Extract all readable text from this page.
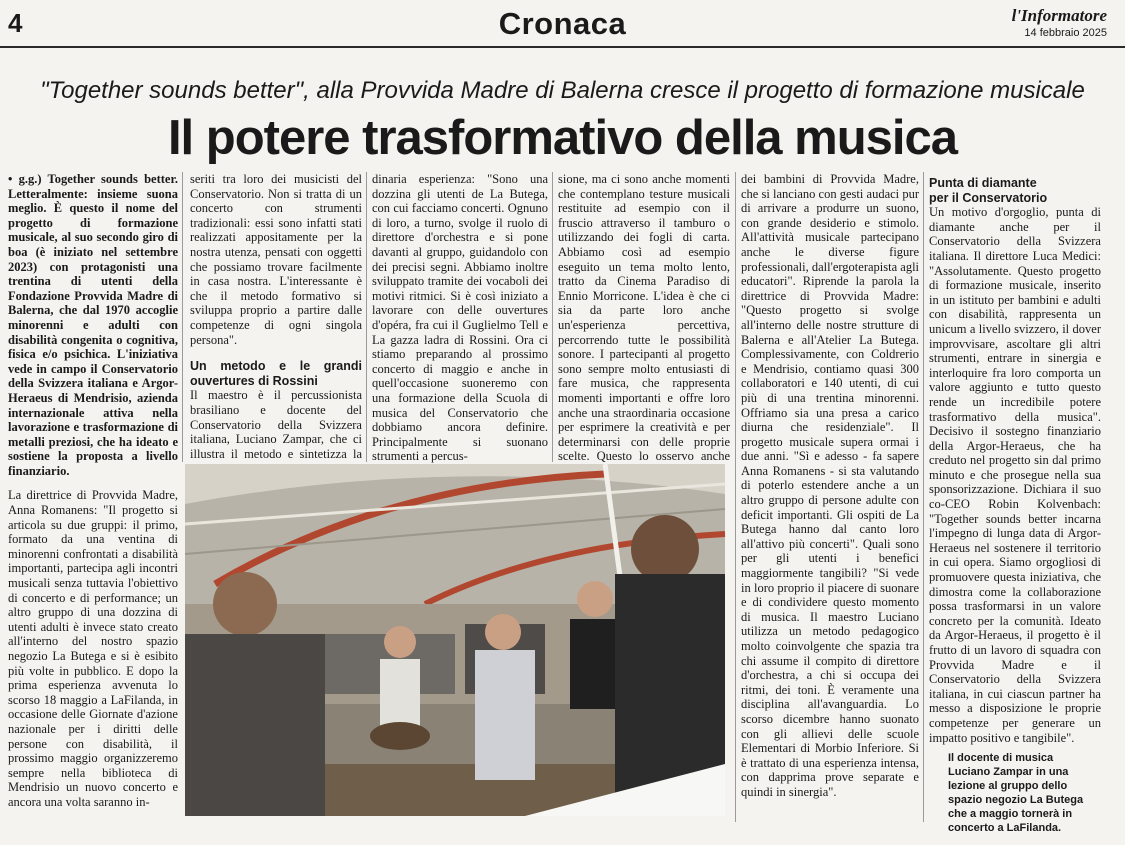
4	Cronaca	l'Informatore
14 febbraio 2025
"Together sounds better", alla Provvida Madre di Balerna cresce il progetto di formazione musicale
Il potere trasformativo della musica

• g.g.) Together sounds better. Letteralmente: insieme suona meglio. È questo il nome del progetto di formazione musicale, al suo secondo giro di boa (è iniziato nel settembre 2023) con protagonisti una trentina di utenti della Fondazione Provvida Madre di Balerna, che dal 1970 accoglie minorenni e adulti con disabilità congenita o cognitiva, fisica e/o psichica. L'iniziativa vede in campo il Conservatorio della Svizzera italiana e Argor-Heraeus di Mendrisio, azienda internazionale attiva nella lavorazione e trasformazione di metalli preziosi, che ha ideato e sostiene la proposta a livello finanziario.

La direttrice di Provvida Madre, Anna Romanens: "Il progetto si articola su due gruppi: il primo, formato da una ventina di minorenni confrontati a disabilità importanti, partecipa agli incontri musicali senza tuttavia l'obiettivo di concerto e di performance; un altro gruppo di una dozzina di utenti adulti è invece stato creato all'interno del nostro spazio negozio La Butega e si è esibito più volte in pubblico. E dopo la prima esperienza avvenuta lo scorso 18 maggio a LaFilanda, in occasione delle Giornate d'azione nazionale per i diritti delle persone con disabilità, il prossimo maggio organizzeremo sempre nella biblioteca di Mendrisio un nuovo concerto e ancora una volta saranno in-

seriti tra loro dei musicisti del Conservatorio. Non si tratta di un concerto con strumenti tradizionali: essi sono infatti stati realizzati appositamente per la nostra utenza, pensati con oggetti che possiamo trovare facilmente in casa nostra. L'interessante è che il metodo formativo si sviluppa proprio a partire dalle competenze di ogni singola persona".

Un metodo e le grandi ouvertures di Rossini

Il maestro è il percussionista brasiliano e docente del Conservatorio della Svizzera italiana, Luciano Zampar, che ci illustra il metodo e sintetizza la

dinaria esperienza: "Sono una dozzina gli utenti de La Butega, con cui facciamo concerti. Ognuno di loro, a turno, svolge il ruolo di direttore d'orchestra e si pone davanti al gruppo, guidandolo con dei precisi segni. Abbiamo inoltre sviluppato tramite dei vocaboli dei motivi ritmici. Si è così iniziato a lavorare con delle ouvertures d'opéra, fra cui il Guglielmo Tell e La gazza ladra di Rossini. Ora ci stiamo preparando al prossimo concerto di maggio e anche in quell'occasione suoneremo con una formazione della Scuola di musica del Conservatorio che dobbiamo ancora definire. Principalmente si suonano strumenti a percus-

sione, ma ci sono anche momenti che contemplano testure musicali restituite ad esempio con il fruscio attraverso il tamburo o utilizzando dei fogli di carta. Abbiamo così ad esempio eseguito un tema molto lento, tratto da Cinema Paradiso di Ennio Morricone. L'idea è che ci sia da parte loro anche un'esperienza percettiva, percorrendo tutte le possibilità sonore. I partecipanti al progetto sono sempre molto entusiasti di fare musica, che rappresenta momenti importanti e offre loro anche una straordinaria occasione per esprimere la creatività e per determinarsi con delle proprie scelte. Questo lo osservo anche

dei bambini di Provvida Madre, che si lanciano con gesti audaci pur di arrivare a produrre un suono, con grande desiderio e stimolo. All'attività musicale partecipano anche le diverse figure professionali, dall'ergoterapista agli educatori". Riprende la parola la direttrice di Provvida Madre: "Questo progetto si svolge all'interno delle nostre strutture di Balerna e all'Atelier La Butega. Complessivamente, con Coldrerio e Mendrisio, contiamo quasi 300 collaboratori e 140 utenti, di cui più di una trentina minorenni. Offriamo sia una presa a carico diurna che residenziale". Il progetto musicale supera ormai i due anni. "Sì e adesso - fa sapere Anna Romanens - si sta valutando di poterlo estendere anche a un altro gruppo di persone adulte con deficit importanti. Gli ospiti de La Butega hanno dal canto loro all'attivo più concerti". Quali sono per gli utenti i benefici maggiormente tangibili? "Si vede in loro proprio il piacere di suonare e di condividere questo momento di musica. Il maestro Luciano utilizza un metodo pedagogico molto coinvolgente che spazia tra chi assume il compito di direttore d'orchestra, a chi si occupa dei ritmi, dei toni. È veramente una disciplina all'avanguardia. Lo scorso dicembre hanno suonato con gli allievi delle scuole Elementari di Morbio Inferiore. Si è trattato di una esperienza intensa, con dapprima prove separate e quindi in sinergia".

Punta di diamante
per il Conservatorio

Un motivo d'orgoglio, punta di diamante anche per il Conservatorio della Svizzera italiana. Il direttore Luca Medici: "Assolutamente. Questo progetto di formazione musicale, inserito in un istituto per bambini e adulti con disabilità, rappresenta un unicum a livello svizzero, il dover improvvisare, ascoltare gli altri strumenti, entrare in sinergia e interloquire fra loro comporta un valore aggiunto e tutto questo rende un incredibile potere trasformativo della musica". Decisivo il sostegno finanziario della Argor-Heraeus, che ha creduto nel progetto sin dal primo minuto e che prosegue nella sua sponsorizzazione. Dichiara il suo co-CEO Robin Kolvenbach: "Together sounds better incarna l'impegno di lunga data di Argor-Heraeus nel sostenere il territorio in cui opera. Siamo orgogliosi di promuovere questa iniziativa, che dimostra come la collaborazione possa trasformarsi in un valore concreto per la comunità. Ideato da Argor-Heraeus, il progetto è il frutto di un lavoro di squadra con Provvida Madre e il Conservatorio della Svizzera italiana, in cui ciascun partner ha messo a disposizione le proprie competenze per generare un impatto positivo e tangibile".

Il docente di musica Luciano Zampar in una lezione al gruppo dello spazio negozio La Butega che a maggio tornerà in concerto a LaFilanda.
